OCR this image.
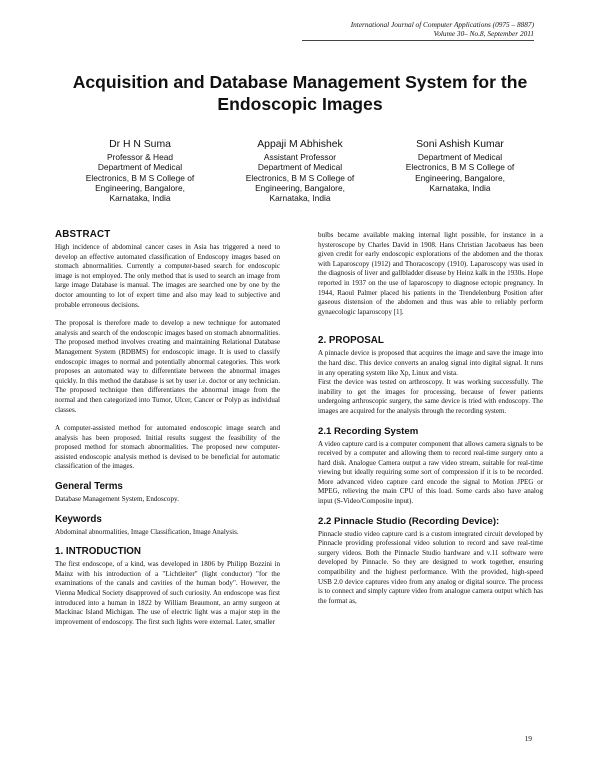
International Journal of Computer Applications (0975 – 8887)
Volume 30– No.8, September 2011
Acquisition and Database Management System for the Endoscopic Images
Dr H N Suma
Professor & Head
Department of Medical
Electronics, B M S College of
Engineering, Bangalore,
Karnataka, India
Appaji M Abhishek
Assistant Professor
Department of Medical
Electronics, B M S College of
Engineering, Bangalore,
Karnataka, India
Soni Ashish Kumar
Department of Medical
Electronics, B M S College of
Engineering, Bangalore,
Karnataka, India
ABSTRACT

High incidence of abdominal cancer cases in Asia has triggered a need to develop an effective automated classification of Endoscopy images based on stomach abnormalities. Currently a computer-based search for endoscopic image is not employed. The only method that is used to search an image from large image Database is manual. The images are searched one by one by the doctor amounting to lot of expert time and also may lead to subjective and probable erroneous decisions.

The proposal is therefore made to develop a new technique for automated analysis and search of the endoscopic images based on stomach abnormalities. The proposed method involves creating and maintaining Relational Database Management System (RDBMS) for endoscopic image. It is used to classify endoscopic images to normal and potentially abnormal categories. This work proposes an automated way to differentiate between the abnormal images quickly. In this method the database is set by user i.e. doctor or any technician. The proposed technique then differentiates the abnormal image from the normal and then categorized into Tumor, Ulcer, Cancer or Polyp as individual classes.

A computer-assisted method for automated endoscopic image search and analysis has been proposed. Initial results suggest the feasibility of the proposed method for stomach abnormalities. The proposed new computer-assisted endoscopic analysis method is devised to be beneficial for automatic classification of the images.

General Terms

Database Management System, Endoscopy.

Keywords

Abdominal abnormalities, Image Classification, Image Analysis.

1. INTRODUCTION

The first endoscope, of a kind, was developed in 1806 by Philipp Bozzini in Mainz with his introduction of a "Lichtleiter" (light conductor) "for the examinations of the canals and cavities of the human body". However, the Vienna Medical Society disapproved of such curiosity. An endoscope was first introduced into a human in 1822 by William Beaumont, an army surgeon at Mackinac Island Michigan. The use of electric light was a major step in the improvement of endoscopy. The first such lights were external. Later, smaller

bulbs became available making internal light possible, for instance in a hysteroscope by Charles David in 1908. Hans Christian Jacobaeus has been given credit for early endoscopic explorations of the abdomen and the thorax with Laparoscopy (1912) and Thoracoscopy (1910). Laparoscopy was used in the diagnosis of liver and gallbladder disease by Heinz kalk in the 1930s. Hope reported in 1937 on the use of laparoscopy to diagnose ectopic pregnancy. In 1944, Raoul Palmer placed his patients in the Trendelenburg Position after gaseous distension of the abdomen and thus was able to reliably perform gynaecologic laparoscopy [1].

2. PROPOSAL

A pinnacle device is proposed that acquires the image and save the image into the hard disc. This device converts an analog signal into digital signal. It runs in any operating system like Xp, Linux and vista.

First the device was tested on arthroscopy. It was working successfully. The inability to get the images for processing, because of fewer patients undergoing arthroscopic surgery, the same device is tried with endoscopy. The images are acquired for the analysis through the recording system.

2.1 Recording System

A video capture card is a computer component that allows camera signals to be received by a computer and allowing them to record real-time surgery onto a hard disk. Analogue Camera output a raw video stream, suitable for real-time viewing but ideally requiring some sort of compression if it is to be recorded. More advanced video capture card encode the signal to Motion JPEG or MPEG, relieving the main CPU of this load. Some cards also have analog input (S-Video/Composite input).

2.2 Pinnacle Studio (Recording Device):

Pinnacle studio video capture card is a custom integrated circuit developed by Pinnacle providing professional video solution to record and save real-time surgery videos. Both the Pinnacle Studio hardware and v.11 software were developed by Pinnacle. So they are designed to work together, ensuring compatibility and the highest performance. With the provided, high-speed USB 2.0 device captures video from any analog or digital source. The process is to connect and simply capture video from analogue camera output which has the format as,

19
